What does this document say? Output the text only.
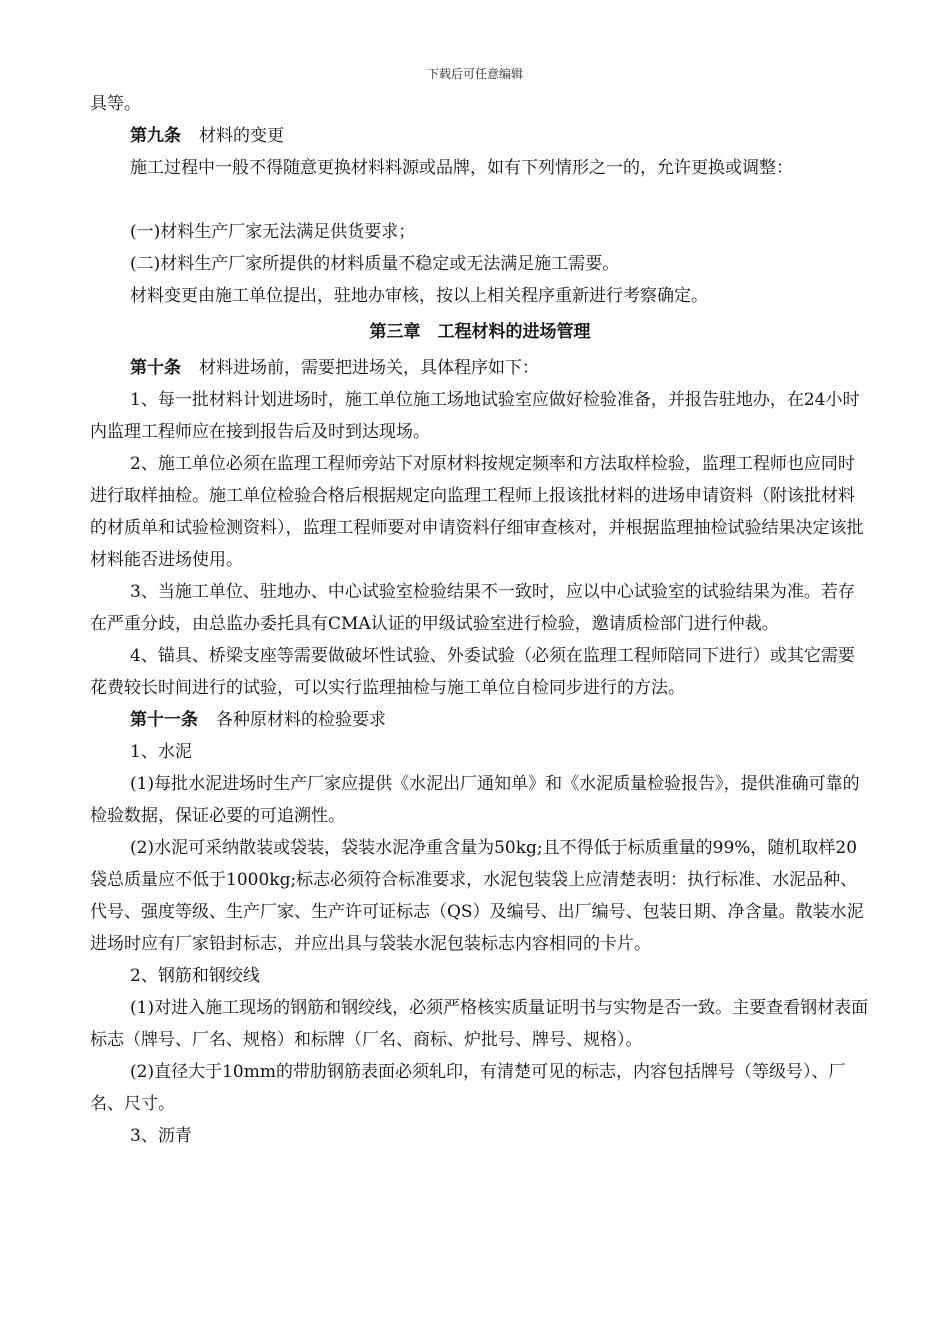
下载后可任意编辑

具等。

第九条 材料的变更

施工过程中一般不得随意更换材料料源或品牌，如有下列情形之一的，允许更换或调整：

(一)材料生产厂家无法满足供货要求；

(二)材料生产厂家所提供的材料质量不稳定或无法满足施工需要。

材料变更由施工单位提出，驻地办审核，按以上相关程序重新进行考察确定。

第三章　工程材料的进场管理

第十条 材料进场前，需要把进场关，具体程序如下：

1、每一批材料计划进场时，施工单位施工场地试验室应做好检验准备，并报告驻地办，在24小时内监理工程师应在接到报告后及时到达现场。

2、施工单位必须在监理工程师旁站下对原材料按规定频率和方法取样检验，监理工程师也应同时进行取样抽检。施工单位检验合格后根据规定向监理工程师上报该批材料的进场申请资料（附该批材料的材质单和试验检测资料），监理工程师要对申请资料仔细审查核对，并根据监理抽检试验结果决定该批材料能否进场使用。

3、当施工单位、驻地办、中心试验室检验结果不一致时，应以中心试验室的试验结果为准。若存在严重分歧，由总监办委托具有CMA认证的甲级试验室进行检验，邀请质检部门进行仲裁。

4、锚具、桥梁支座等需要做破坏性试验、外委试验（必须在监理工程师陪同下进行）或其它需要花费较长时间进行的试验，可以实行监理抽检与施工单位自检同步进行的方法。

第十一条 各种原材料的检验要求

1、水泥

(1)每批水泥进场时生产厂家应提供《水泥出厂通知单》和《水泥质量检验报告》，提供准确可靠的检验数据，保证必要的可追溯性。

(2)水泥可采纳散装或袋装，袋装水泥净重含量为50kg;且不得低于标质重量的99%，随机取样20袋总质量应不低于1000kg;标志必须符合标准要求，水泥包装袋上应清楚表明：执行标准、水泥品种、代号、强度等级、生产厂家、生产许可证标志（QS）及编号、出厂编号、包装日期、净含量。散装水泥进场时应有厂家铅封标志，并应出具与袋装水泥包装标志内容相同的卡片。

2、钢筋和钢绞线

(1)对进入施工现场的钢筋和钢绞线，必须严格核实质量证明书与实物是否一致。主要查看钢材表面标志（牌号、厂名、规格）和标牌（厂名、商标、炉批号、牌号、规格）。

(2)直径大于10mm的带肋钢筋表面必须轧印，有清楚可见的标志，内容包括牌号（等级号）、厂名、尺寸。

3、沥青
